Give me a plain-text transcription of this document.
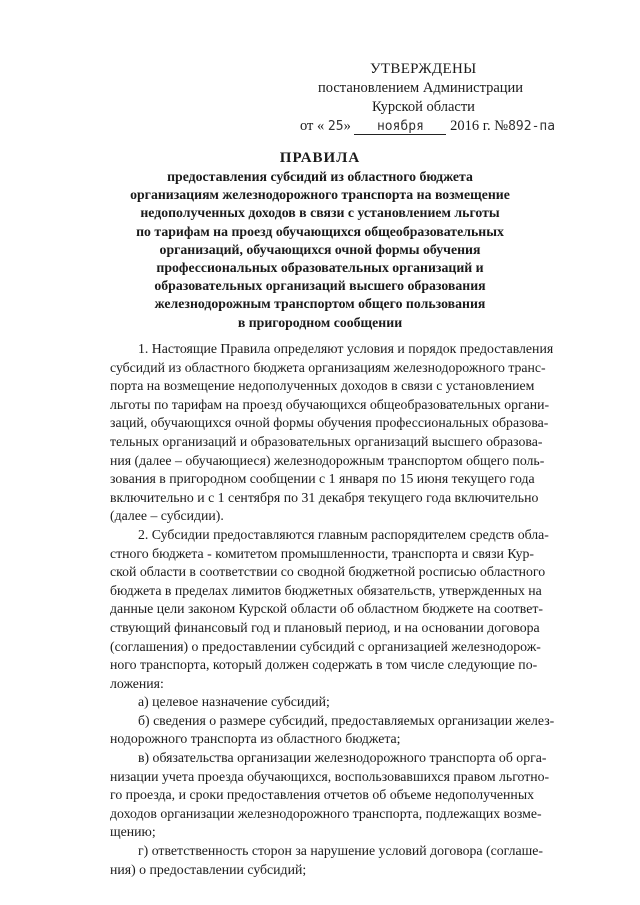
УТВЕРЖДЕНЫ
постановлением Администрации
Курской области
от « 25» ноября 2016 г. №892-па
ПРАВИЛА
предоставления субсидий из областного бюджета
организациям железнодорожного транспорта на возмещение
недополученных доходов в связи с установлением льготы
по тарифам на проезд обучающихся общеобразовательных
организаций, обучающихся очной формы обучения
профессиональных образовательных организаций и
образовательных организаций высшего образования
железнодорожным транспортом общего пользования
в пригородном сообщении
1. Настоящие Правила определяют условия и порядок предоставления
субсидий из областного бюджета организациям железнодорожного транс-
порта на возмещение недополученных доходов в связи с установлением
льготы по тарифам на проезд обучающихся общеобразовательных органи-
заций, обучающихся очной формы обучения профессиональных образова-
тельных организаций и образовательных организаций высшего образова-
ния (далее – обучающиеся) железнодорожным транспортом общего поль-
зования в пригородном сообщении с 1 января по 15 июня текущего года
включительно и с 1 сентября по 31 декабря текущего года включительно
(далее – субсидии).
2. Субсидии предоставляются главным распорядителем средств обла-
стного бюджета - комитетом промышленности, транспорта и связи Кур-
ской области в соответствии со сводной бюджетной росписью областного
бюджета в пределах лимитов бюджетных обязательств, утвержденных на
данные цели законом Курской области об областном бюджете на соответ-
ствующий финансовый год и плановый период, и на основании договора
(соглашения) о предоставлении субсидий с организацией железнодорож-
ного транспорта, который должен содержать в том числе следующие по-
ложения:
а) целевое назначение субсидий;
б) сведения о размере субсидий, предоставляемых организации желез-
нодорожного транспорта из областного бюджета;
в) обязательства организации железнодорожного транспорта об орга-
низации учета проезда обучающихся, воспользовавшихся правом льготно-
го проезда, и сроки предоставления отчетов об объеме недополученных
доходов организации железнодорожного транспорта, подлежащих возме-
щению;
г) ответственность сторон за нарушение условий договора (соглаше-
ния) о предоставлении субсидий;
